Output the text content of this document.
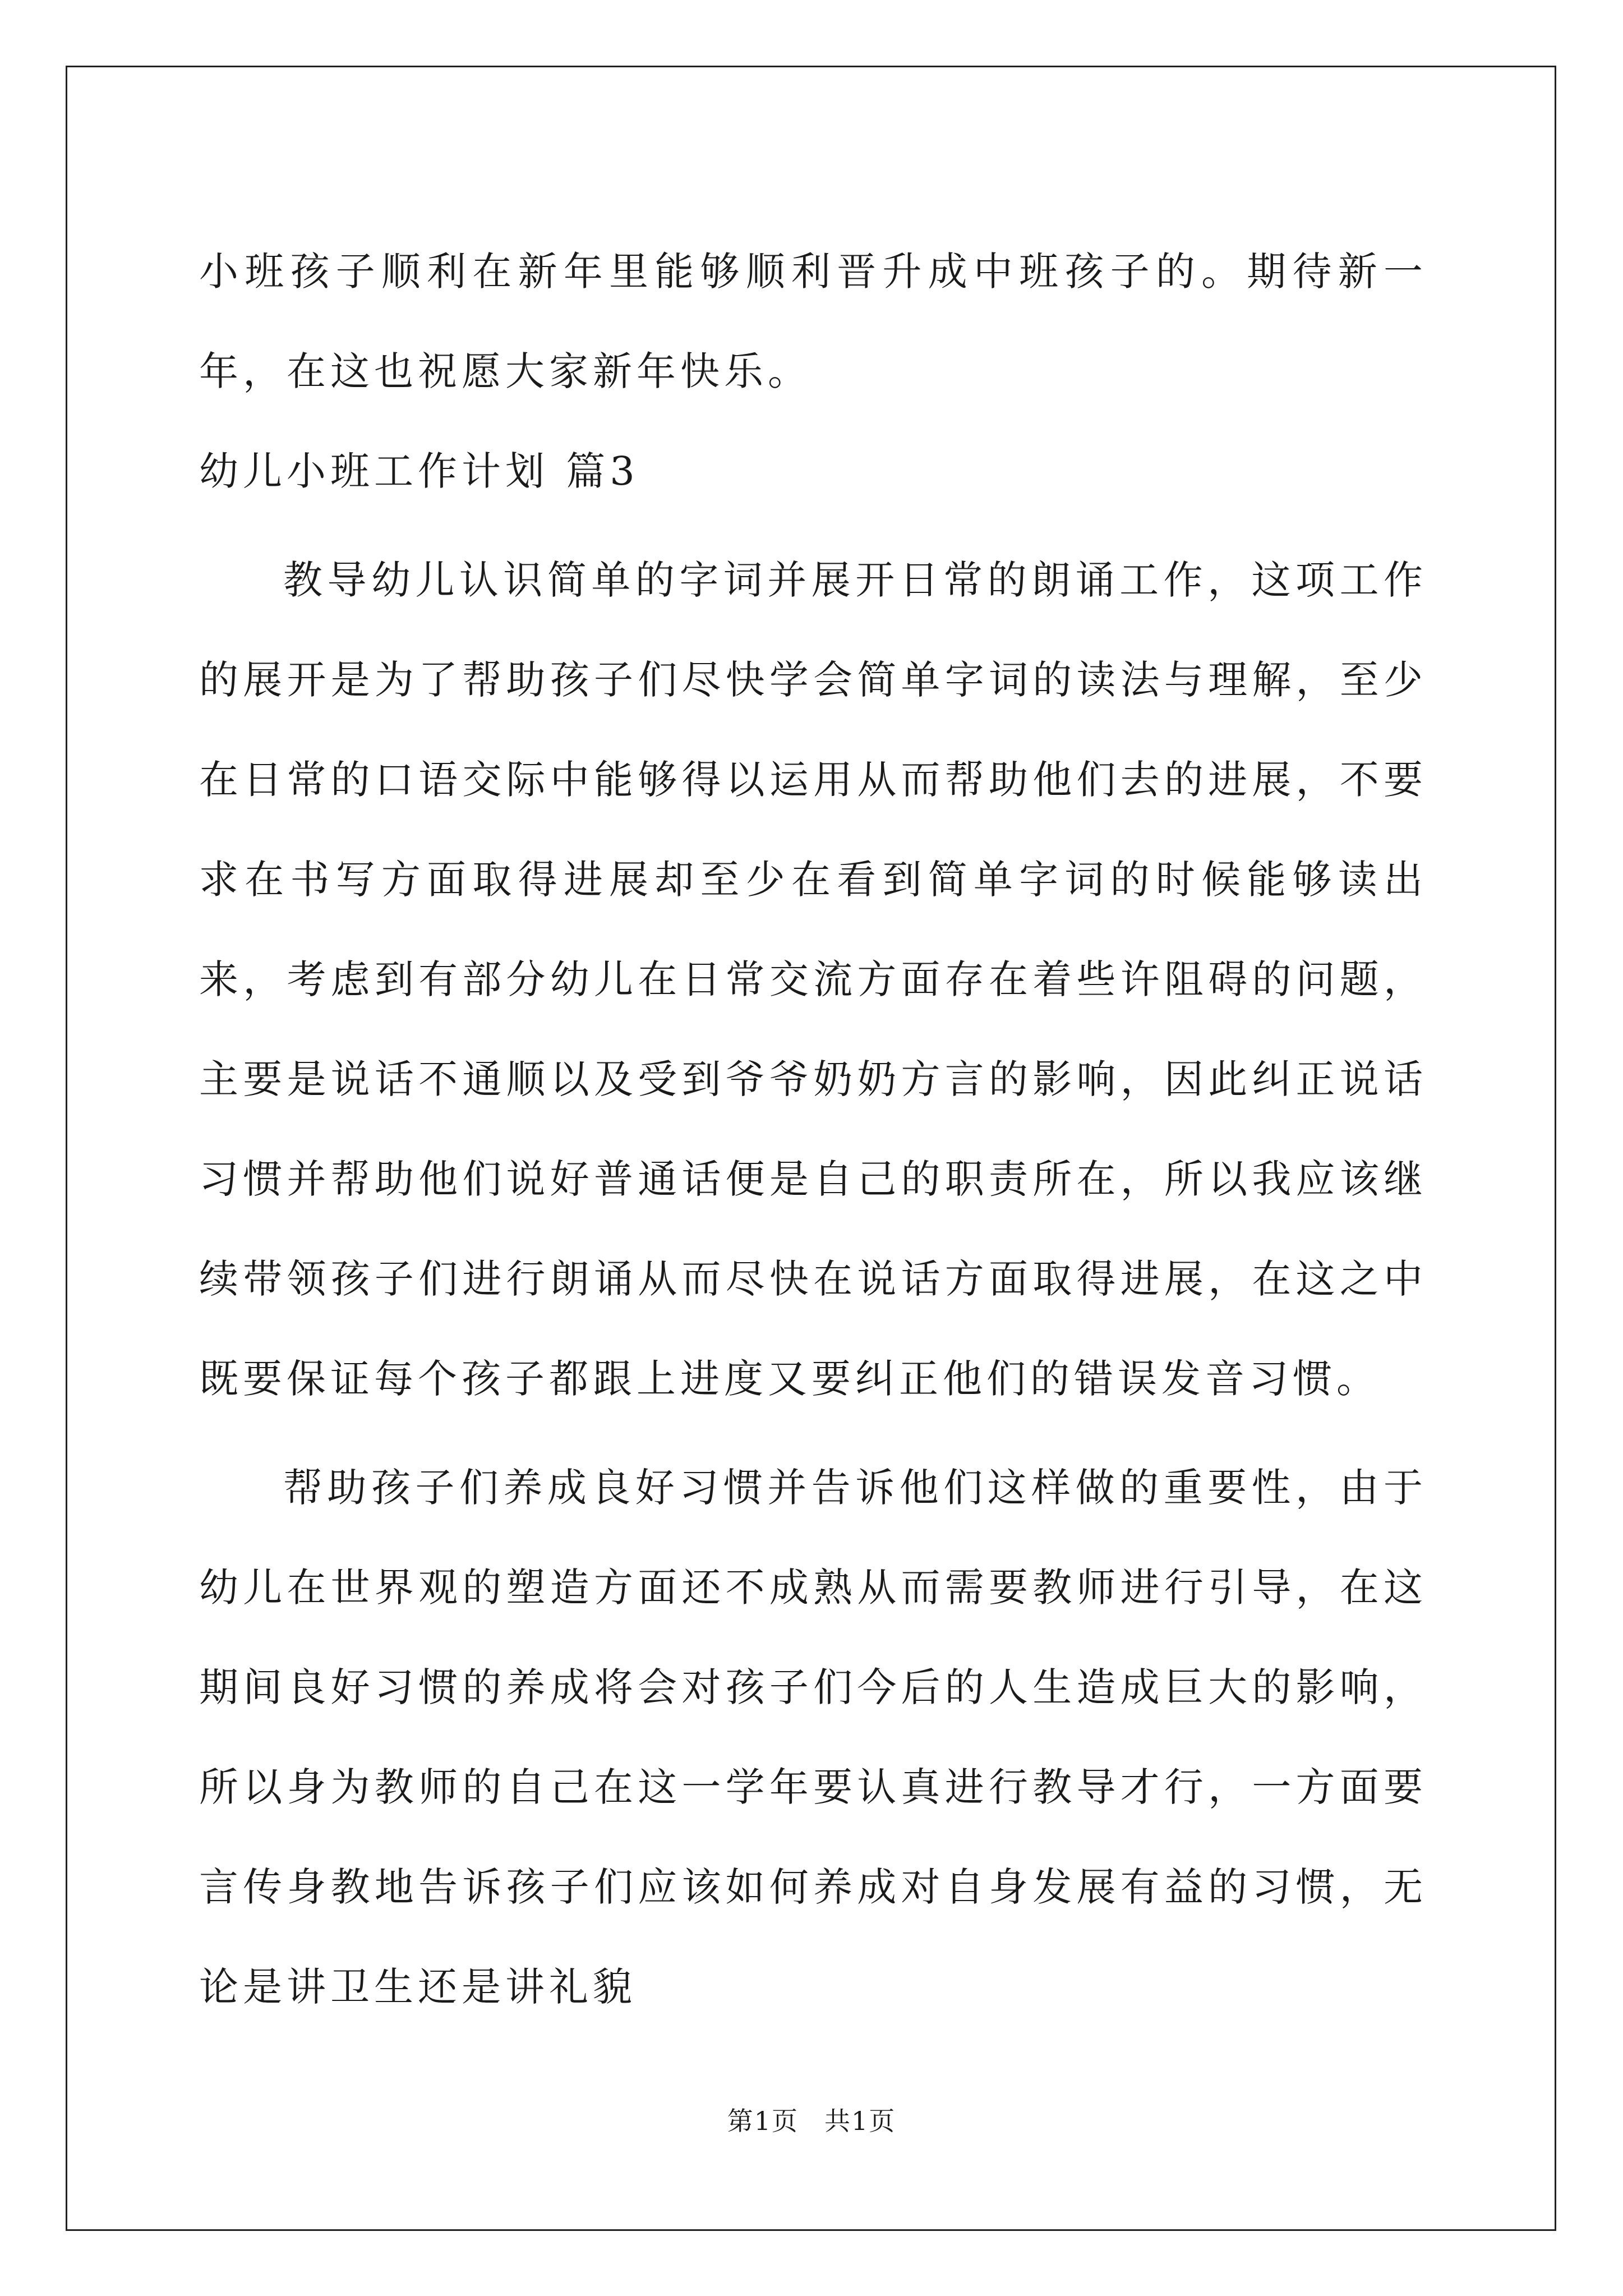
小班孩子顺利在新年里能够顺利晋升成中班孩子的。期待新一年，在这也祝愿大家新年快乐。

幼儿小班工作计划 篇3

教导幼儿认识简单的字词并展开日常的朗诵工作，这项工作的展开是为了帮助孩子们尽快学会简单字词的读法与理解，至少在日常的口语交际中能够得以运用从而帮助他们去的进展，不要求在书写方面取得进展却至少在看到简单字词的时候能够读出来，考虑到有部分幼儿在日常交流方面存在着些许阻碍的问题，主要是说话不通顺以及受到爷爷奶奶方言的影响，因此纠正说话习惯并帮助他们说好普通话便是自己的职责所在，所以我应该继续带领孩子们进行朗诵从而尽快在说话方面取得进展，在这之中既要保证每个孩子都跟上进度又要纠正他们的错误发音习惯。

帮助孩子们养成良好习惯并告诉他们这样做的重要性，由于幼儿在世界观的塑造方面还不成熟从而需要教师进行引导，在这期间良好习惯的养成将会对孩子们今后的人生造成巨大的影响，所以身为教师的自己在这一学年要认真进行教导才行，一方面要言传身教地告诉孩子们应该如何养成对自身发展有益的习惯，无论是讲卫生还是讲礼貌

第1页 共1页
